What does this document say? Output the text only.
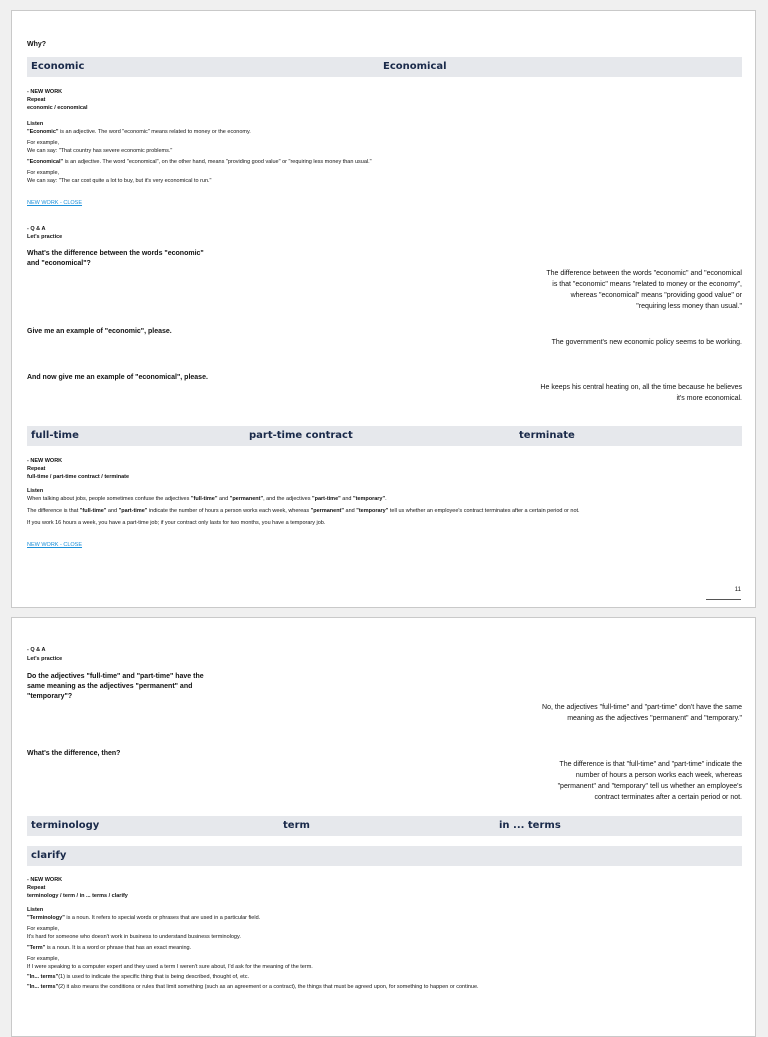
Why?
Economic	Economical
- NEW WORK
Repeat
economic / economical
Listen
"Economic" is an adjective. The word "economic" means related to money or the economy.
For example,
We can say: "That country has severe economic problems."
"Economical" is an adjective. The word "economical", on the other hand, means "providing good value" or "requiring less money than usual."
For example,
We can say: "The car cost quite a lot to buy, but it's very economical to run."
NEW WORK - CLOSE
- Q & A
Let's practice
What's the difference between the words "economic" and "economical"?
The difference between the words "economic" and "economical is that "economic" means "related to money or the economy", whereas "economical" means "providing good value" or "requiring less money than usual."
Give me an example of "economic", please.
The government's new economic policy seems to be working.
And now give me an example of "economical", please.
He keeps his central heating on, all the time because he believes it's more economical.
full-time	part-time contract	terminate
- NEW WORK
Repeat
full-time / part-time contract / terminate
Listen
When talking about jobs, people sometimes confuse the adjectives "full-time" and "permanent", and the adjectives "part-time" and "temporary".
The difference is that "full-time" and "part-time" indicate the number of hours a person works each week, whereas "permanent" and "temporary" tell us whether an employee's contract terminates after a certain period or not.
If you work 16 hours a week, you have a part-time job; if your contract only lasts for two months, you have a temporary job.
NEW WORK - CLOSE
11
- Q & A
Let's practice
Do the adjectives "full-time" and "part-time" have the same meaning as the adjectives "permanent" and "temporary"?
No, the adjectives "full-time" and "part-time" don't have the same meaning as the adjectives "permanent" and "temporary."
What's the difference, then?
The difference is that "full-time" and "part-time" indicate the number of hours a person works each week, whereas "permanent" and "temporary" tell us whether an employee's contract terminates after a certain period or not.
terminology	term	in ... terms
clarify
- NEW WORK
Repeat
terminology / term / in ... terms / clarify
Listen
"Terminology" is a noun. It refers to special words or phrases that are used in a particular field.
For example,
It's hard for someone who doesn't work in business to understand business terminology.
"Term" is a noun. It is a word or phrase that has an exact meaning.
For example,
If I were speaking to a computer expert and they used a term I weren't sure about, I'd ask for the meaning of the term.
"In... terms"(1) is used to indicate the specific thing that is being described, thought of, etc.
"In... terms"(2) it also means the conditions or rules that limit something (such as an agreement or a contract), the things that must be agreed upon, for something to happen or continue.
